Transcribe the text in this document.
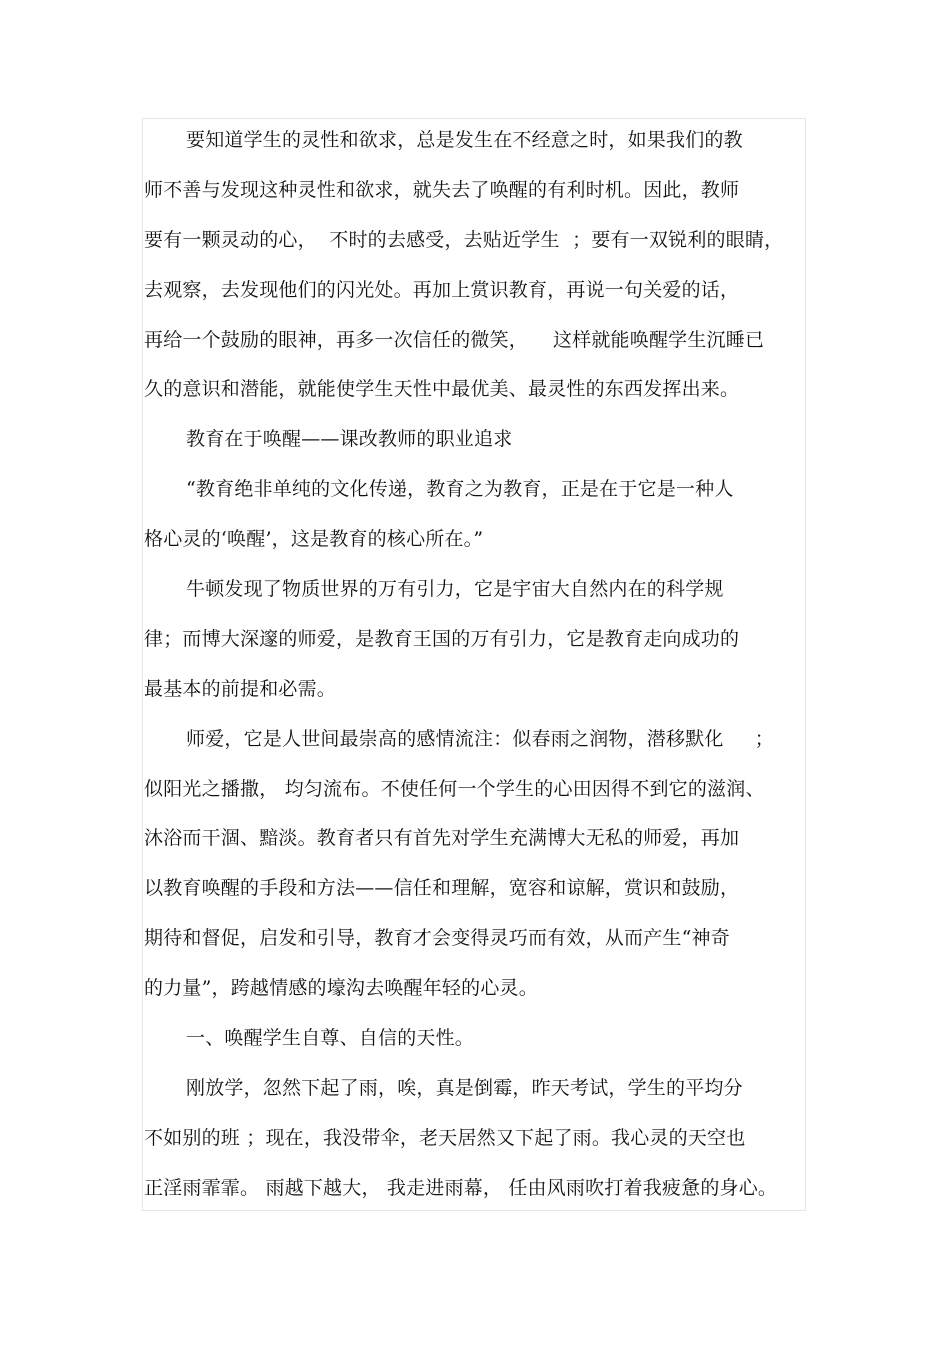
要知道学生的灵性和欲求，总是发生在不经意之时，如果我们的教
师不善与发现这种灵性和欲求，就失去了唤醒的有利时机。因此，教师
要有一颗灵动的心，  不时的去感受，去贴近学生  ；要有一双锐利的眼睛，
去观察，去发现他们的闪光处。再加上赏识教育，再说一句关爱的话，
再给一个鼓励的眼神，再多一次信任的微笑，    这样就能唤醒学生沉睡已
久的意识和潜能，就能使学生天性中最优美、最灵性的东西发挥出来。
教育在于唤醒——课改教师的职业追求
“教育绝非单纯的文化传递，教育之为教育，正是在于它是一种人
格心灵的‘唤醒’，这是教育的核心所在。”
牛顿发现了物质世界的万有引力，它是宇宙大自然内在的科学规
律；而博大深邃的师爱，是教育王国的万有引力，它是教育走向成功的
最基本的前提和必需。
师爱，它是人世间最崇高的感情流注：似春雨之润物，潜移默化     ；
似阳光之播撒， 均匀流布。不使任何一个学生的心田因得不到它的滋润、
沐浴而干涸、黯淡。教育者只有首先对学生充满博大无私的师爱，再加
以教育唤醒的手段和方法——信任和理解，宽容和谅解，赏识和鼓励，
期待和督促，启发和引导，教育才会变得灵巧而有效，从而产生“神奇
的力量”，跨越情感的壕沟去唤醒年轻的心灵。
一、唤醒学生自尊、自信的天性。
刚放学，忽然下起了雨，唉，真是倒霉，昨天考试，学生的平均分
不如别的班 ；现在，我没带伞，老天居然又下起了雨。我心灵的天空也
正淫雨霏霏。 雨越下越大， 我走进雨幕， 任由风雨吹打着我疲惫的身心。
